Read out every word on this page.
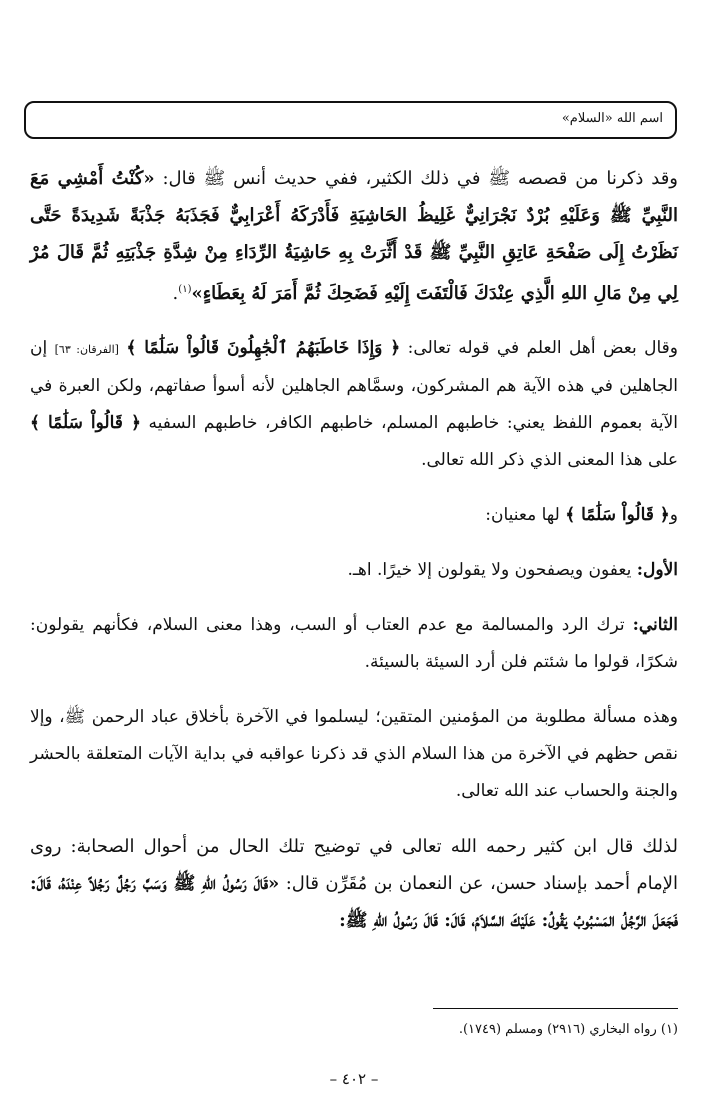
اسم الله «السلام»

وقد ذكرنا من قصصه ﷺ في ذلك الكثير، ففي حديث أنس ﷺ قال: «كُنْتُ أَمْشِي مَعَ النَّبِيِّ ﷺ وَعَلَيْهِ بُرْدٌ نَجْرَانِيٌّ غَلِيظُ الحَاشِيَةِ فَأَدْرَكَهُ أَعْرَابِيٌّ فَجَذَبَهُ جَذْبَةً شَدِيدَةً حَتَّى نَظَرْتُ إِلَى صَفْحَةِ عَاتِقِ النَّبِيِّ ﷺ قَدْ أَثَّرَتْ بِهِ حَاشِيَةُ الرِّدَاءِ مِنْ شِدَّةِ جَذْبَتِهِ ثُمَّ قَالَ مُرْ لِي مِنْ مَالِ اللهِ الَّذِي عِنْدَكَ فَالْتَفَتَ إِلَيْهِ فَضَحِكَ ثُمَّ أَمَرَ لَهُ بِعَطَاءٍ»$^{(١)}$.

وقال بعض أهل العلم في قوله تعالى: ﴿ وَإِذَا خَاطَبَهُمُ ٱلْجَٰهِلُونَ قَالُواْ سَلَٰمًا ﴾ [الفرقان: ٦٣] إن الجاهلين في هذه الآية هم المشركون، وسمَّاهم الجاهلين لأنه أسوأ صفاتهم، ولكن العبرة في الآية بعموم اللفظ يعني: خاطبهم المسلم، خاطبهم الكافر، خاطبهم السفيه ﴿ قَالُواْ سَلَٰمًا ﴾ على هذا المعنى الذي ذكر الله تعالى.

و﴿ قَالُواْ سَلَٰمًا ﴾ لها معنيان:

الأول: يعفون ويصفحون ولا يقولون إلا خيرًا. اهـ.

الثاني: ترك الرد والمسالمة مع عدم العتاب أو السب، وهذا معنى السلام، فكأنهم يقولون: شكرًا، قولوا ما شئتم فلن أرد السيئة بالسيئة.

وهذه مسألة مطلوبة من المؤمنين المتقين؛ ليسلموا في الآخرة بأخلاق عباد الرحمن ﷺ، وإلا نقص حظهم في الآخرة من هذا السلام الذي قد ذكرنا عواقبه في بداية الآيات المتعلقة بالحشر والجنة والحساب عند الله تعالى.

لذلك قال ابن كثير رحمه الله تعالى في توضيح تلك الحال من أحوال الصحابة: روى الإمام أحمد بإسناد حسن، عن النعمان بن مُقَرِّن قال: «قَالَ رَسُولُ اللهِ ﷺ وَسَبَّ رَجُلٌ رَجُلاً عِنْدَهُ، قَالَ: فَجَعَلَ الرَّجُلُ المَسْبُوبُ يَقُولُ: عَلَيْكَ السَّلاَمُ، قَالَ: قَالَ رَسُولُ اللهِ ﷺ:

(١) رواه البخاري (٢٩١٦) ومسلم (١٧٤٩).
– ٤٠٢ –
